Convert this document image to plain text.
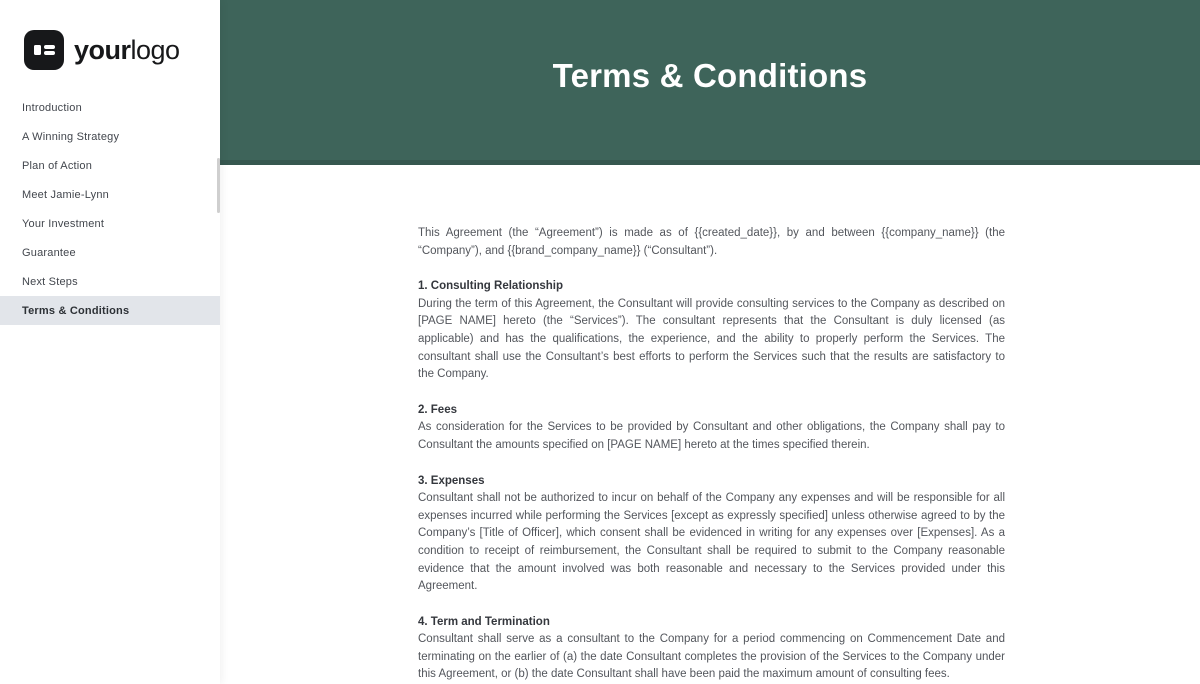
yourlogo
Introduction
A Winning Strategy
Plan of Action
Meet Jamie-Lynn
Your Investment
Guarantee
Next Steps
Terms & Conditions
Terms & Conditions

This Agreement (the “Agreement”) is made as of {{created_date}}, by and between {{company_name}} (the “Company”), and {{brand_company_name}} (“Consultant”).

1. Consulting Relationship

During the term of this Agreement, the Consultant will provide consulting services to the Company as described on [PAGE NAME] hereto (the “Services”). The consultant represents that the Consultant is duly licensed (as applicable) and has the qualifications, the experience, and the ability to properly perform the Services. The consultant shall use the Consultant’s best efforts to perform the Services such that the results are satisfactory to the Company.

2. Fees

As consideration for the Services to be provided by Consultant and other obligations, the Company shall pay to Consultant the amounts specified on [PAGE NAME] hereto at the times specified therein.

3. Expenses

Consultant shall not be authorized to incur on behalf of the Company any expenses and will be responsible for all expenses incurred while performing the Services [except as expressly specified] unless otherwise agreed to by the Company’s [Title of Officer], which consent shall be evidenced in writing for any expenses over [Expenses]. As a condition to receipt of reimbursement, the Consultant shall be required to submit to the Company reasonable evidence that the amount involved was both reasonable and necessary to the Services provided under this Agreement.

4. Term and Termination

Consultant shall serve as a consultant to the Company for a period commencing on Commencement Date and terminating on the earlier of (a) the date Consultant completes the provision of the Services to the Company under this Agreement, or (b) the date Consultant shall have been paid the maximum amount of consulting fees.
